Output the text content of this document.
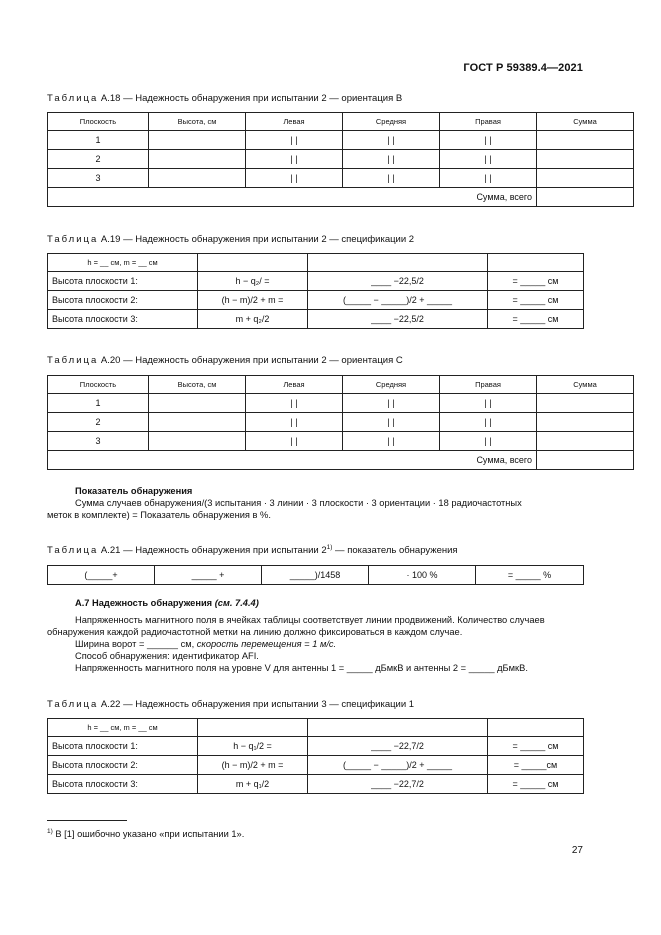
ГОСТ Р 59389.4—2021
Таблица A.18 — Надежность обнаружения при испытании 2 — ориентация B
Плоскость	Высота, см	Левая	Средняя	Правая	Сумма
1		| |	| |	| |	
2		| |	| |	| |	
3		| |	| |	| |	
Сумма, всего					
Таблица A.19 — Надежность обнаружения при испытании 2 — спецификации 2
h = __ см, m = __ см			
Высота плоскости 1:	h − q₂/ =	____ −22,5/2	= _____ см
Высота плоскости 2:	(h − m)/2 + m =	(_____ − _____)/2 + _____	= _____ см
Высота плоскости 3:	m + q₂/2	____ −22,5/2	= _____ см
Таблица A.20 — Надежность обнаружения при испытании 2 — ориентация C
Плоскость	Высота, см	Левая	Средняя	Правая	Сумма
1		| |	| |	| |	
2		| |	| |	| |	
3		| |	| |	| |	
Сумма, всего					
Показатель обнаружения
Сумма случаев обнаружения/(3 испытания · 3 линии · 3 плоскости · 3 ориентации · 18 радиочастотных
меток в комплекте) = Показатель обнаружения в %.
Таблица A.21 — Надежность обнаружения при испытании 2$^{1)}$ — показатель обнаружения
(_____+	_____ +	_____)/1458	· 100 %	= _____ %
A.7 Надежность обнаружения (см. 7.4.4)
Напряженность магнитного поля в ячейках таблицы соответствует линии продвижений. Количество случаев
обнаружения каждой радиочастотной метки на линию должно фиксироваться в каждом случае.
Ширина ворот = ______ см, скорость перемещения = 1 м/с.
Способ обнаружения: идентификатор AFI.
Напряженность магнитного поля на уровне V для антенны 1 = _____ дБмкВ и антенны 2 = _____ дБмкВ.
Таблица A.22 — Надежность обнаружения при испытании 3 — спецификации 1
h = __ см, m = __ см			
Высота плоскости 1:	h − q₁/2 =	____ −22,7/2	= _____ см
Высота плоскости 2:	(h − m)/2 + m =	(_____ − _____)/2 + _____	= _____см
Высота плоскости 3:	m + q₁/2	____ −22,7/2	= _____ см
$^{1)}$ В [1] ошибочно указано «при испытании 1».
27
